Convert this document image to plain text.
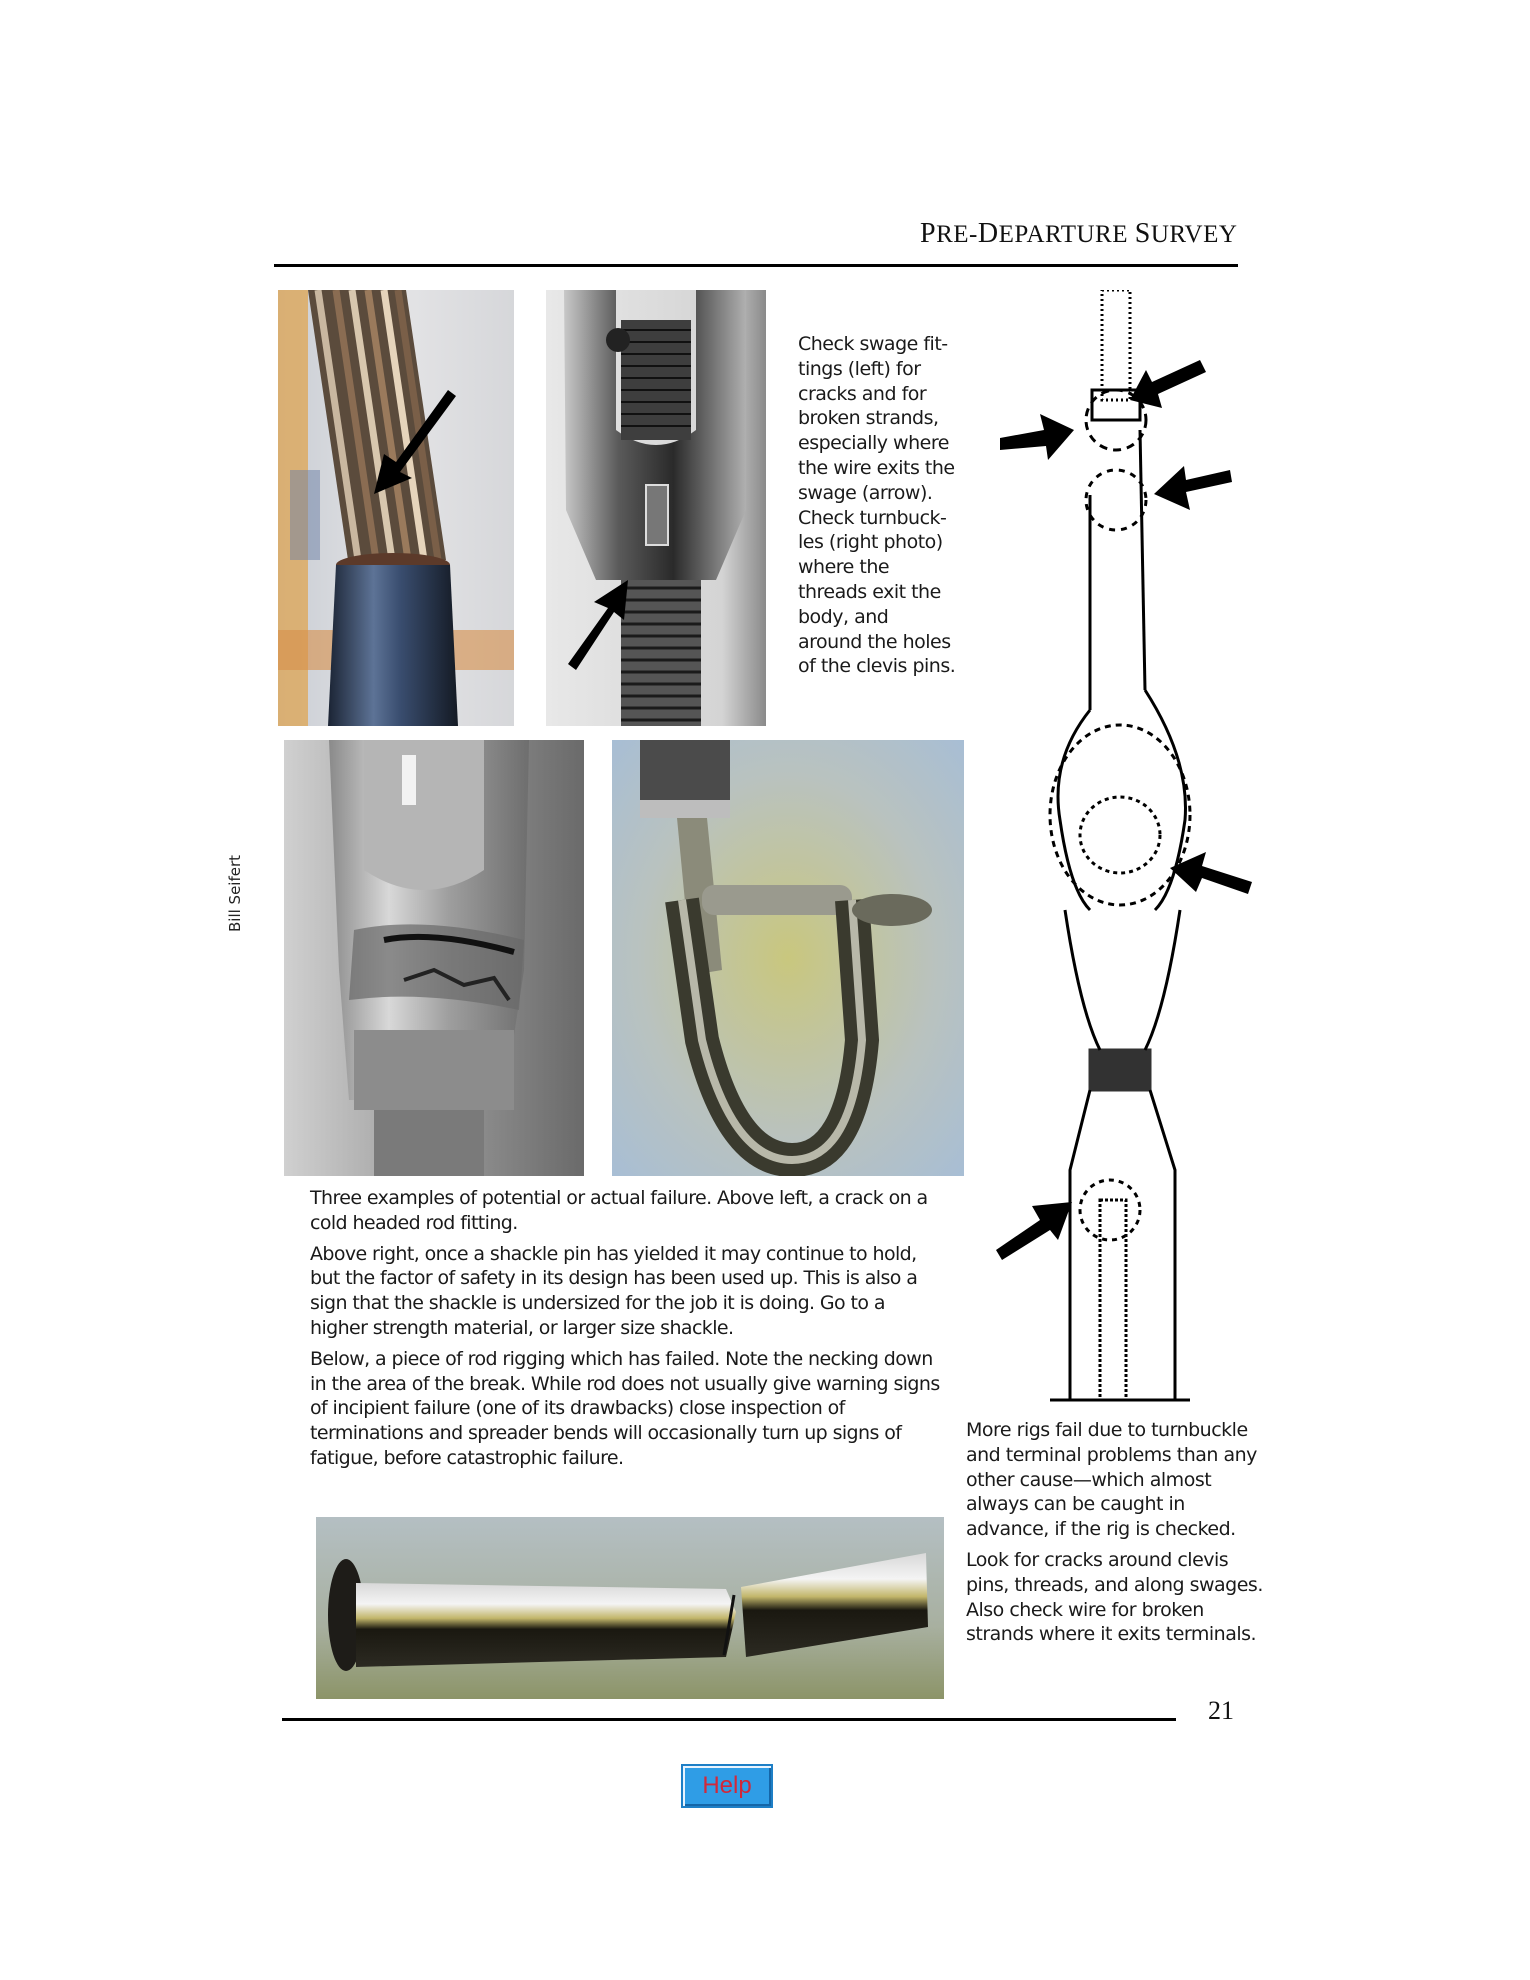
PRE-DEPARTURE SURVEY
Check swage fit-
tings (left) for
cracks and for
broken strands,
especially where
the wire exits the
swage (arrow).
Check turnbuck-
les (right photo)
where the
threads exit the
body, and
around the holes
of the clevis pins.

Three examples of potential or actual failure. Above left, a crack on a cold headed rod fitting.

Above right, once a shackle pin has yielded it may continue to hold, but the factor of safety in its design has been used up. This is also a sign that the shackle is undersized for the job it is doing. Go to a higher strength material, or larger size shackle.

Below, a piece of rod rigging which has failed. Note the necking down in the area of the break. While rod does not usually give warning signs of incipient failure (one of its drawbacks) close inspection of terminations and spreader bends will occasionally turn up signs of fatigue, before catastrophic failure.

More rigs fail due to turnbuckle and terminal problems than any other cause—which almost always can be caught in advance, if the rig is checked.

Look for cracks around clevis pins, threads, and along swages. Also check wire for broken strands where it exits terminals.

Bill Seifert
21
Help
